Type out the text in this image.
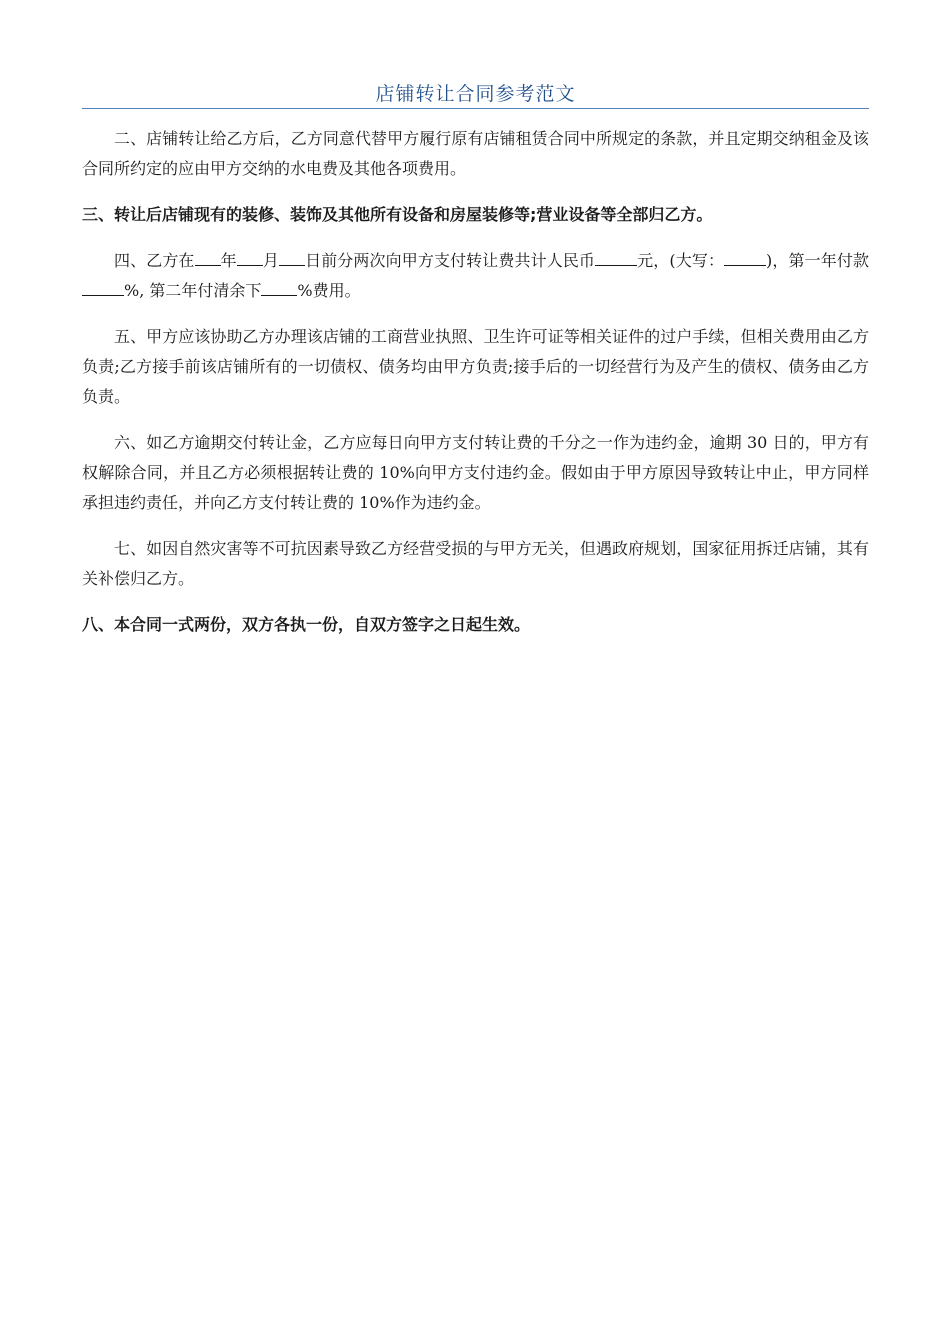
店铺转让合同参考范文

二、店铺转让给乙方后，乙方同意代替甲方履行原有店铺租赁合同中所规定的条款，并且定期交纳租金及该合同所约定的应由甲方交纳的水电费及其他各项费用。

三、转让后店铺现有的装修、装饰及其他所有设备和房屋装修等;营业设备等全部归乙方。

四、乙方在 年 月 日前分两次向甲方支付转让费共计人民币	元，(大写：	)，第一年付款%, 第二年付清余下 %费用。

五、甲方应该协助乙方办理该店铺的工商营业执照、卫生许可证等相关证件的过户手续，但相关费用由乙方负责;乙方接手前该店铺所有的一切债权、债务均由甲方负责;接手后的一切经营行为及产生的债权、债务由乙方负责。

六、如乙方逾期交付转让金，乙方应每日向甲方支付转让费的千分之一作为违约金，逾期 30 日的，甲方有权解除合同，并且乙方必须根据转让费的 10%向甲方支付违约金。假如由于甲方原因导致转让中止，甲方同样承担违约责任，并向乙方支付转让费的 10%作为违约金。

七、如因自然灾害等不可抗因素导致乙方经营受损的与甲方无关，但遇政府规划，国家征用拆迁店铺，其有关补偿归乙方。

八、本合同一式两份，双方各执一份，自双方签字之日起生效。
